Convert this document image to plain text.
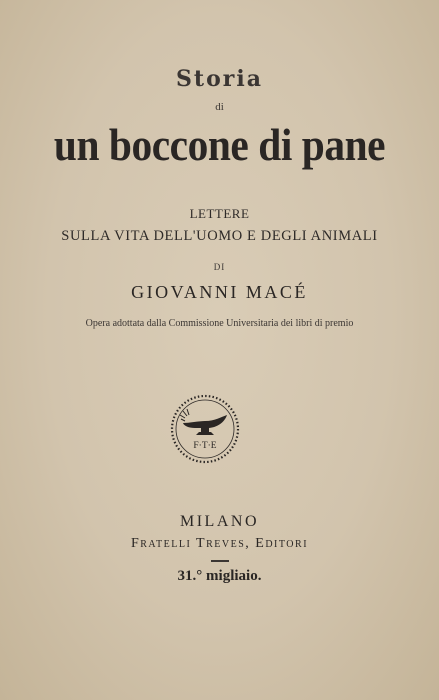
Storia
di
un boccone di pane
LETTERE
SULLA VITA DELL'UOMO E DEGLI ANIMALI
DI
GIOVANNI MACÉ
Opera adottata dalla Commissione Universitaria dei libri di premio
F·T·E
MILANO
Fratelli Treves, Editori
31.° migliaio.
